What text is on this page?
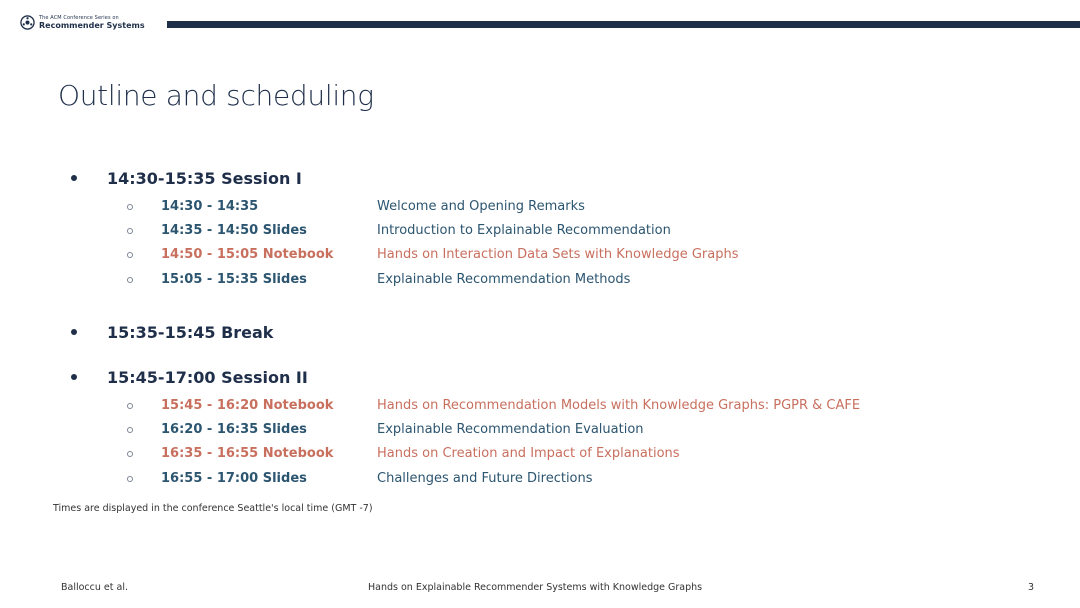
The ACM Conference Series on
Recommender Systems
Outline and scheduling
14:30-15:35 Session I
14:30 - 14:35	Welcome and Opening Remarks
14:35 - 14:50 Slides	Introduction to Explainable Recommendation
14:50 - 15:05 Notebook	Hands on Interaction Data Sets with Knowledge Graphs
15:05 - 15:35 Slides	Explainable Recommendation Methods
15:35-15:45 Break
15:45-17:00 Session II
15:45 - 16:20 Notebook	Hands on Recommendation Models with Knowledge Graphs: PGPR & CAFE
16:20 - 16:35 Slides	Explainable Recommendation Evaluation
16:35 - 16:55 Notebook	Hands on Creation and Impact of Explanations
16:55 - 17:00 Slides	Challenges and Future Directions
Times are displayed in the conference Seattle's local time (GMT -7)
Balloccu et al.	Hands on Explainable Recommender Systems with Knowledge Graphs	3
